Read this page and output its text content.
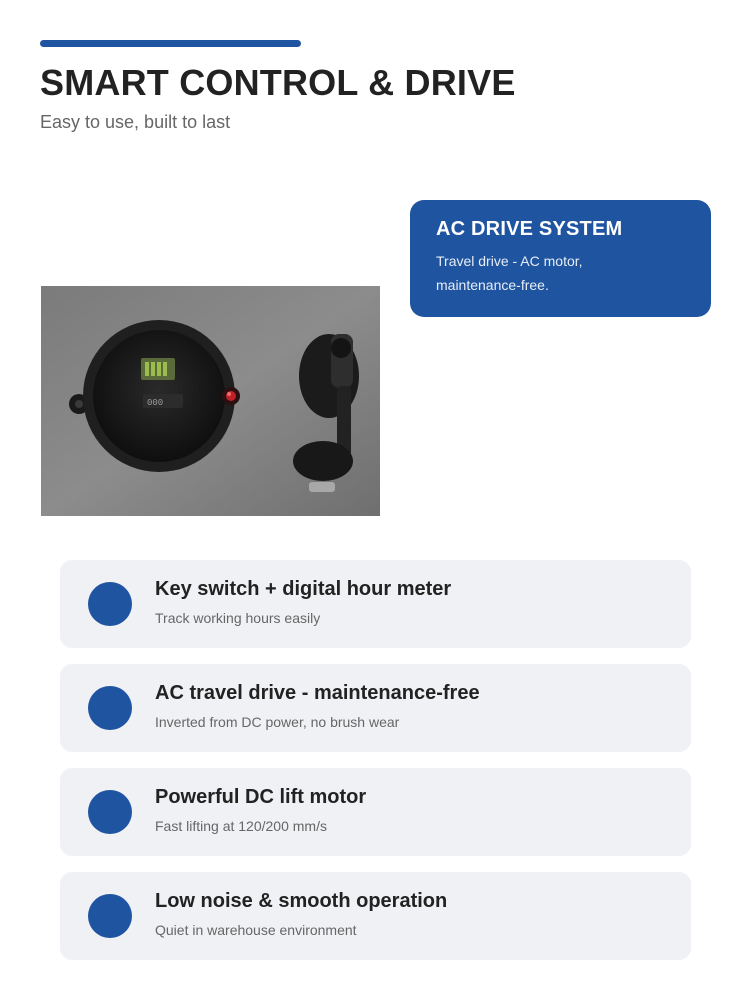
SMART CONTROL & DRIVE
Easy to use, built to last
AC DRIVE SYSTEM
Travel drive - AC motor,
maintenance-free.
000
Key switch + digital hour meter
Track working hours easily
AC travel drive - maintenance-free
Inverted from DC power, no brush wear
Powerful DC lift motor
Fast lifting at 120/200 mm/s
Low noise & smooth operation
Quiet in warehouse environment
